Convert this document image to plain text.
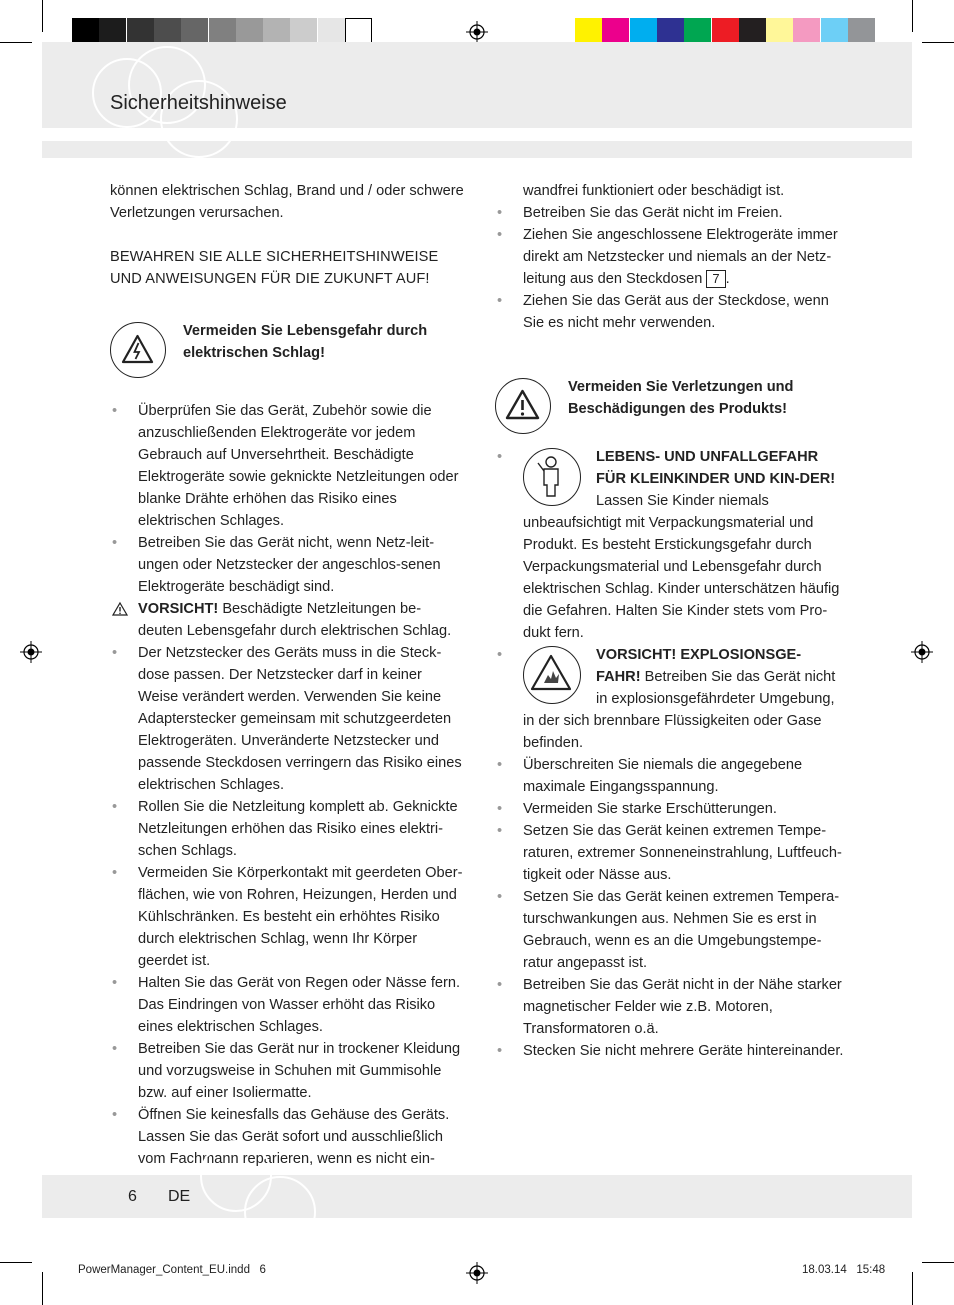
Sicherheitshinweise

können elektrischen Schlag, Brand und / oder schwere Verletzungen verursachen.

BEWAHREN SIE ALLE SICHERHEITSHINWEISE UND ANWEISUNGEN FÜR DIE ZUKUNFT AUF!

Vermeiden Sie Lebensgefahr durch elektrischen Schlag!
• Überprüfen Sie das Gerät, Zubehör sowie die anzuschließenden Elektrogeräte vor jedem Gebrauch auf Unversehrtheit. Beschädigte Elektrogeräte sowie geknickte Netzleitungen oder blanke Drähte erhöhen das Risiko eines elektrischen Schlages.
• Betreiben Sie das Gerät nicht, wenn Netz-leit-ungen oder Netzstecker der angeschlos-senen Elektrogeräte beschädigt sind.
VORSICHT! Beschädigte Netzleitungen be-deuten Lebensgefahr durch elektrischen Schlag.
• Der Netzstecker des Geräts muss in die Steck-dose passen. Der Netzstecker darf in keiner Weise verändert werden. Verwenden Sie keine Adapterstecker gemeinsam mit schutzgeerdeten Elektrogeräten. Unveränderte Netzstecker und passende Steckdosen verringern das Risiko eines elektrischen Schlages.
• Rollen Sie die Netzleitung komplett ab. Geknickte Netzleitungen erhöhen das Risiko eines elektri-schen Schlags.
• Vermeiden Sie Körperkontakt mit geerdeten Ober-flächen, wie von Rohren, Heizungen, Herden und Kühlschränken. Es besteht ein erhöhtes Risiko durch elektrischen Schlag, wenn Ihr Körper geerdet ist.
• Halten Sie das Gerät von Regen oder Nässe fern. Das Eindringen von Wasser erhöht das Risiko eines elektrischen Schlages.
• Betreiben Sie das Gerät nur in trockener Kleidung und vorzugsweise in Schuhen mit Gummisohle bzw. auf einer Isoliermatte.
• Öffnen Sie keinesfalls das Gehäuse des Geräts. Lassen Sie das Gerät sofort und ausschließlich vom Fachmann reparieren, wenn es nicht ein-

wandfrei funktioniert oder beschädigt ist.

• Betreiben Sie das Gerät nicht im Freien.
• Ziehen Sie angeschlossene Elektrogeräte immer direkt am Netzstecker und niemals an der Netz-leitung aus den Steckdosen 7 .
• Ziehen Sie das Gerät aus der Steckdose, wenn Sie es nicht mehr verwenden.
Vermeiden Sie Verletzungen und Beschädigungen des Produkts!
•	LEBENS- UND UNFALLGEFAHR FÜR KLEINKINDER UND KIN-DER! Lassen Sie Kinder niemals unbeaufsichtigt mit Verpackungsmaterial und Produkt. Es besteht Erstickungsgefahr durch Verpackungsmaterial und Lebensgefahr durch elektrischen Schlag. Kinder unterschätzen häufig die Gefahren. Halten Sie Kinder stets vom Pro-dukt fern.
•	VORSICHT! EXPLOSIONSGE-FAHR! Betreiben Sie das Gerät nicht in explosionsgefährdeter Umgebung, in der sich brennbare Flüssigkeiten oder Gase befinden.
• Überschreiten Sie niemals die angegebene maximale Eingangsspannung.
• Vermeiden Sie starke Erschütterungen.
• Setzen Sie das Gerät keinen extremen Tempe-raturen, extremer Sonneneinstrahlung, Luftfeuch-tigkeit oder Nässe aus.
• Setzen Sie das Gerät keinen extremen Tempera-turschwankungen aus. Nehmen Sie es erst in Gebrauch, wenn es an die Umgebungstempe-ratur angepasst ist.
• Betreiben Sie das Gerät nicht in der Nähe starker magnetischer Felder wie z.B. Motoren, Transformatoren o.ä.
• Stecken Sie nicht mehrere Geräte hintereinander.
6 DE
PowerManager_Content_EU.indd   6	18.03.14   15:48
